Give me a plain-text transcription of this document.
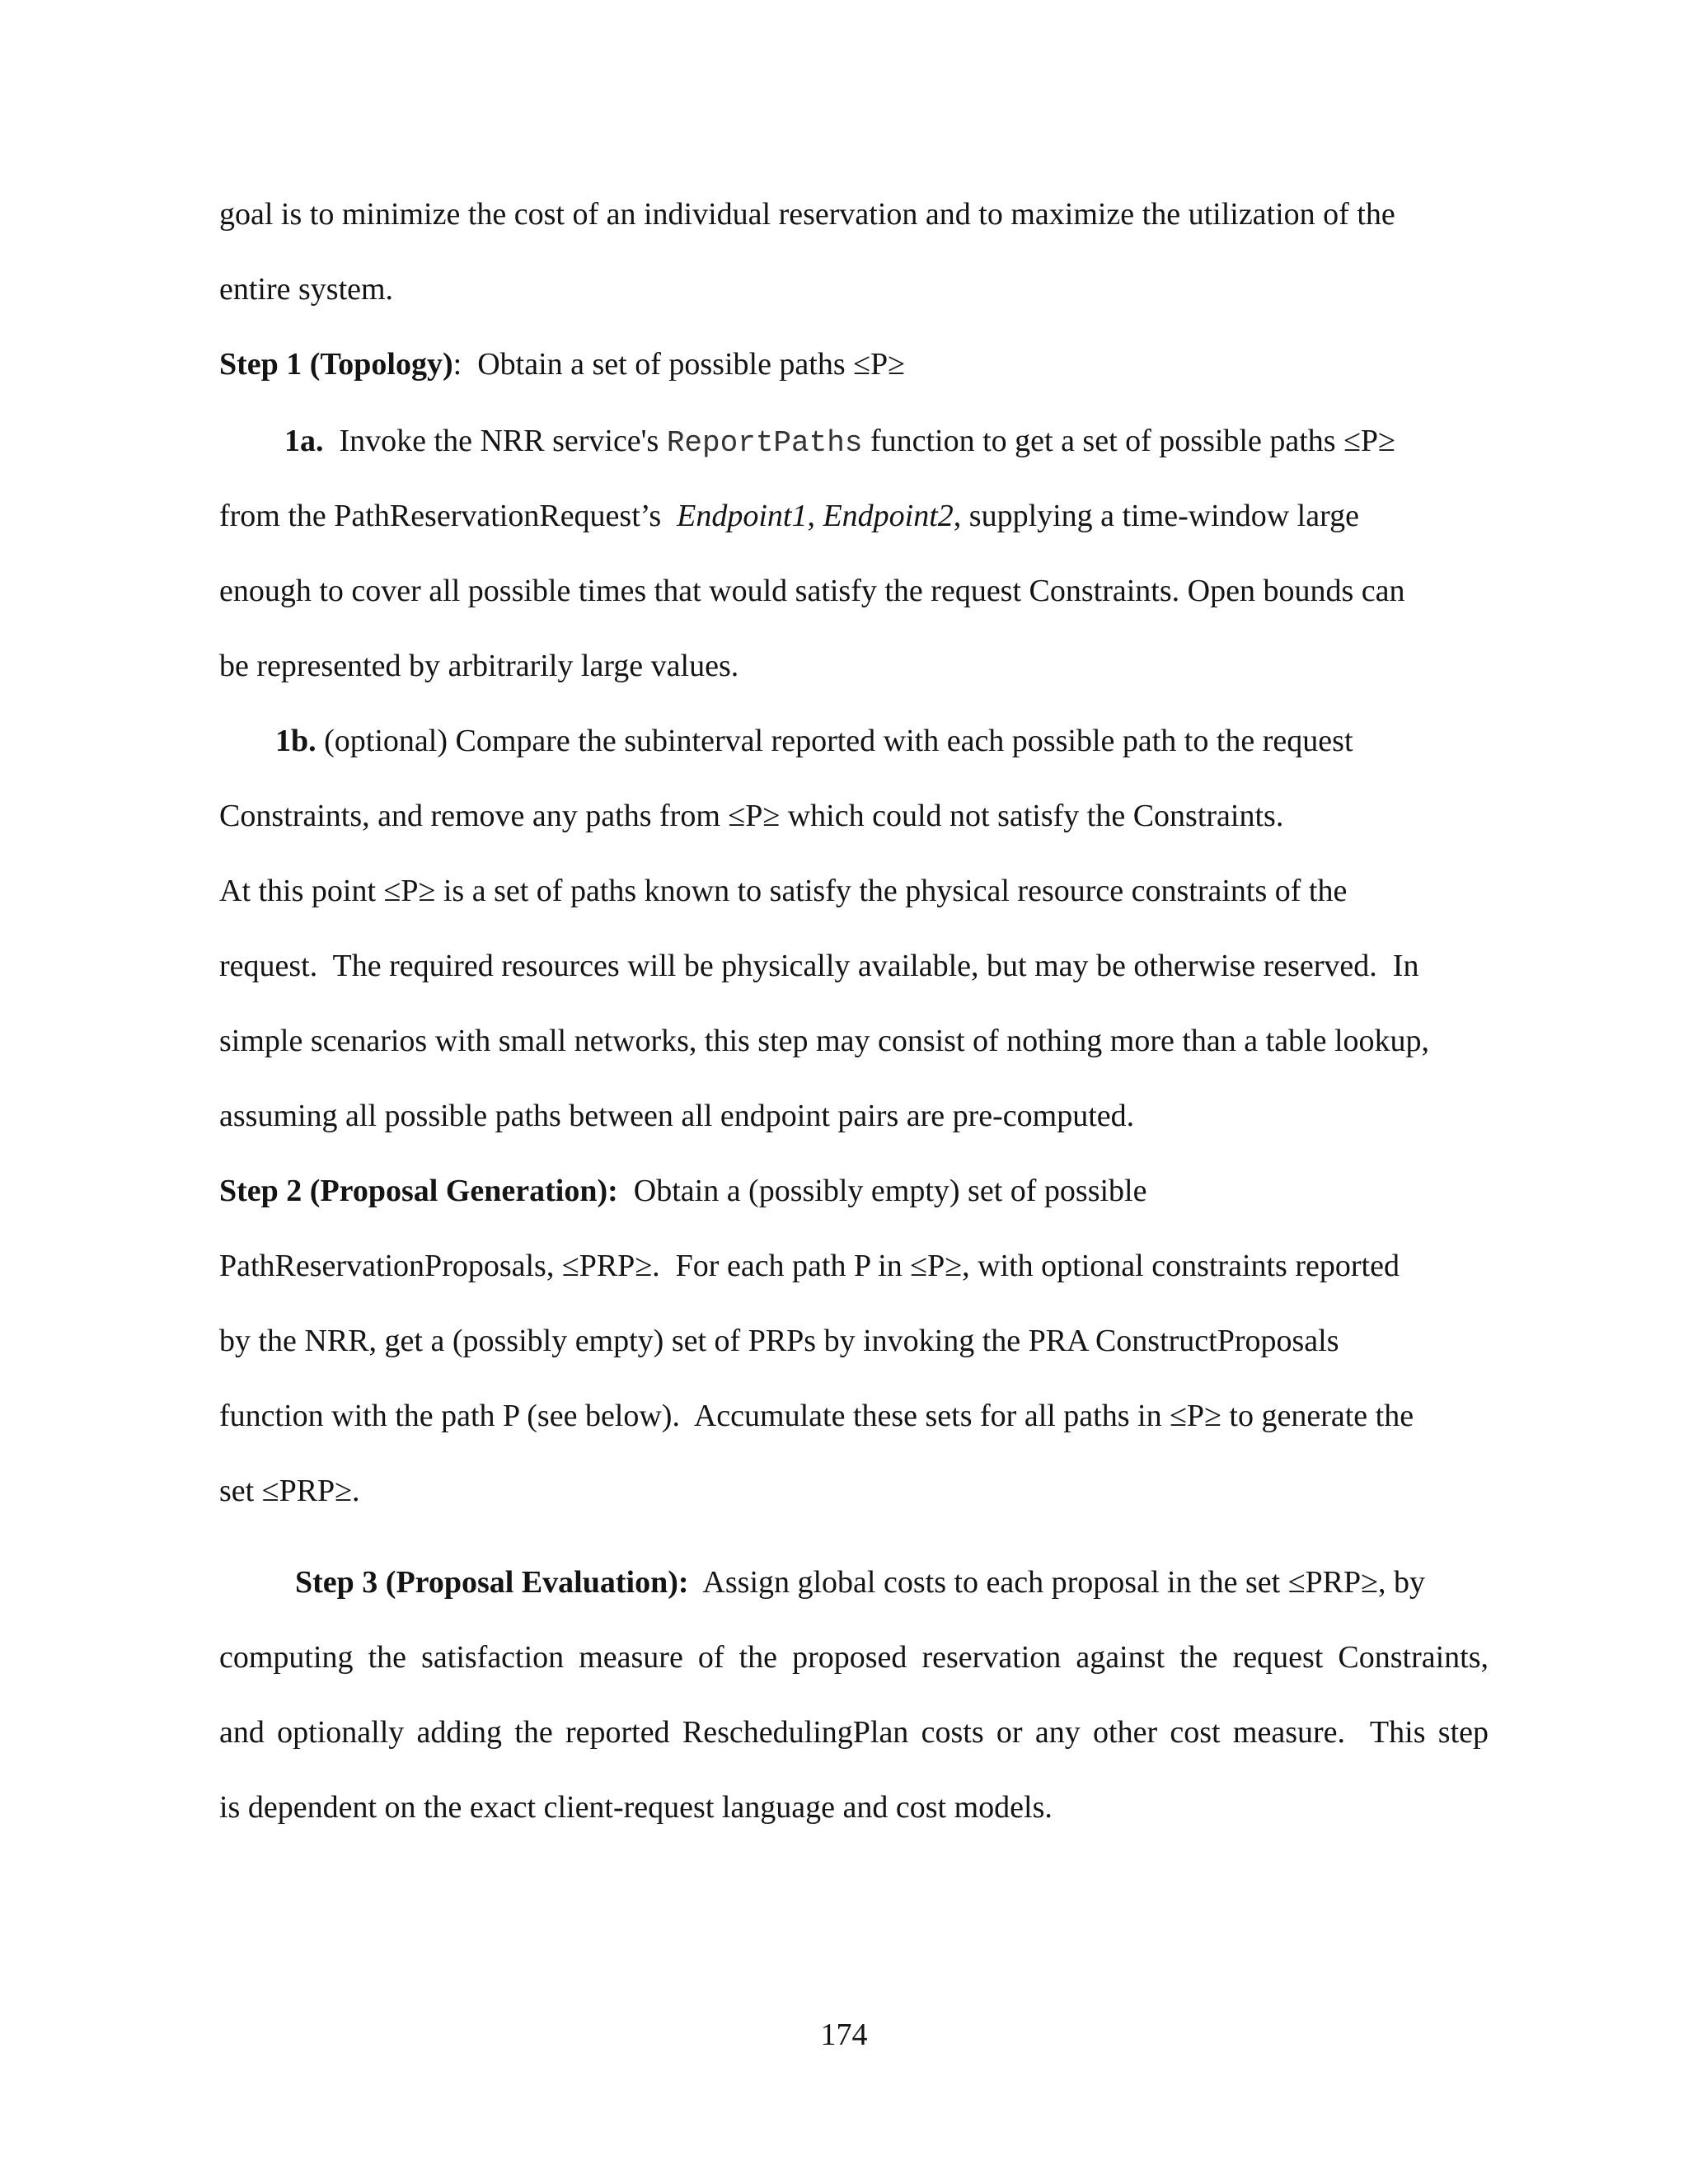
goal is to minimize the cost of an individual reservation and to maximize the utilization of the
entire system.
Step 1 (Topology):  Obtain a set of possible paths ≤P≥
1a.  Invoke the NRR service's ReportPaths function to get a set of possible paths ≤P≥
from the PathReservationRequest’s  Endpoint1, Endpoint2, supplying a time-window large
enough to cover all possible times that would satisfy the request Constraints. Open bounds can
be represented by arbitrarily large values.
1b. (optional) Compare the subinterval reported with each possible path to the request
Constraints, and remove any paths from ≤P≥ which could not satisfy the Constraints.
At this point ≤P≥ is a set of paths known to satisfy the physical resource constraints of the
request.  The required resources will be physically available, but may be otherwise reserved.  In
simple scenarios with small networks, this step may consist of nothing more than a table lookup,
assuming all possible paths between all endpoint pairs are pre-computed.
Step 2 (Proposal Generation):  Obtain a (possibly empty) set of possible
PathReservationProposals, ≤PRP≥.  For each path P in ≤P≥, with optional constraints reported
by the NRR, get a (possibly empty) set of PRPs by invoking the PRA ConstructProposals
function with the path P (see below).  Accumulate these sets for all paths in ≤P≥ to generate the
set ≤PRP≥.
Step 3 (Proposal Evaluation):  Assign global costs to each proposal in the set ≤PRP≥, by
computing the satisfaction measure of the proposed reservation against the request Constraints,
and optionally adding the reported ReschedulingPlan costs or any other cost measure.  This step
is dependent on the exact client-request language and cost models.
174
